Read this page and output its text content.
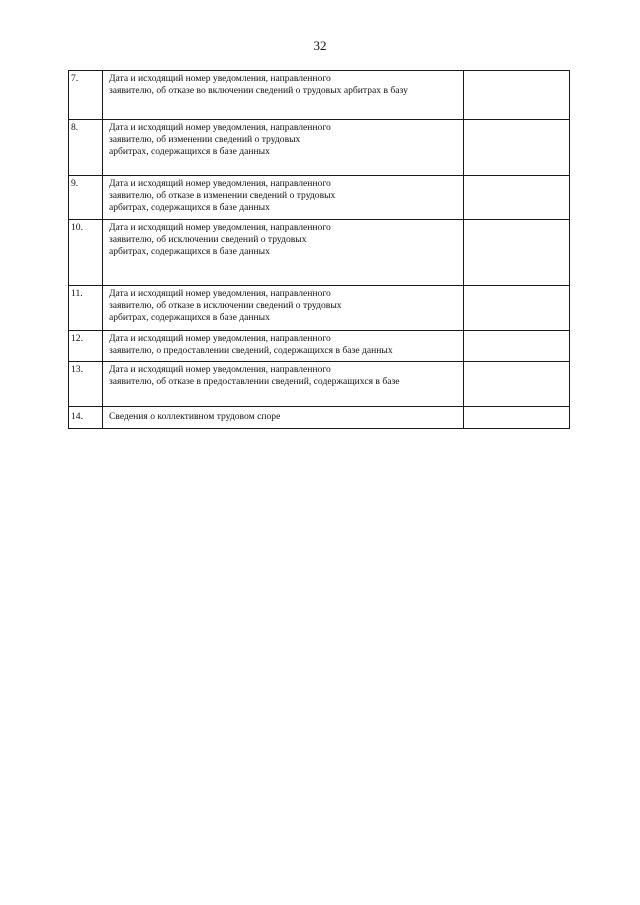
32
7.	Дата и исходящий номер уведомления, направленного
заявителю, об отказе во включении сведений о трудовых арбитрах в базу	

8.	Дата и исходящий номер уведомления, направленного
заявителю, об изменении сведений о трудовых
арбитрах, содержащихся в базе данных	

9.	Дата и исходящий номер уведомления, направленного
заявителю, об отказе в изменении сведений о трудовых
арбитрах, содержащихся в базе данных	

10.	Дата и исходящий номер уведомления, направленного
заявителю, об исключении сведений о трудовых
арбитрах, содержащихся в базе данных	

11.	Дата и исходящий номер уведомления, направленного
заявителю, об отказе в исключении сведений о трудовых
арбитрах, содержащихся в базе данных	

12.	Дата и исходящий номер уведомления, направленного
заявителю, о предоставлении сведений, содержащихся в базе данных	

13.	Дата и исходящий номер уведомления, направленного
заявителю, об отказе в предоставлении сведений, содержащихся в базе	

14.	Сведения о коллективном трудовом споре	
